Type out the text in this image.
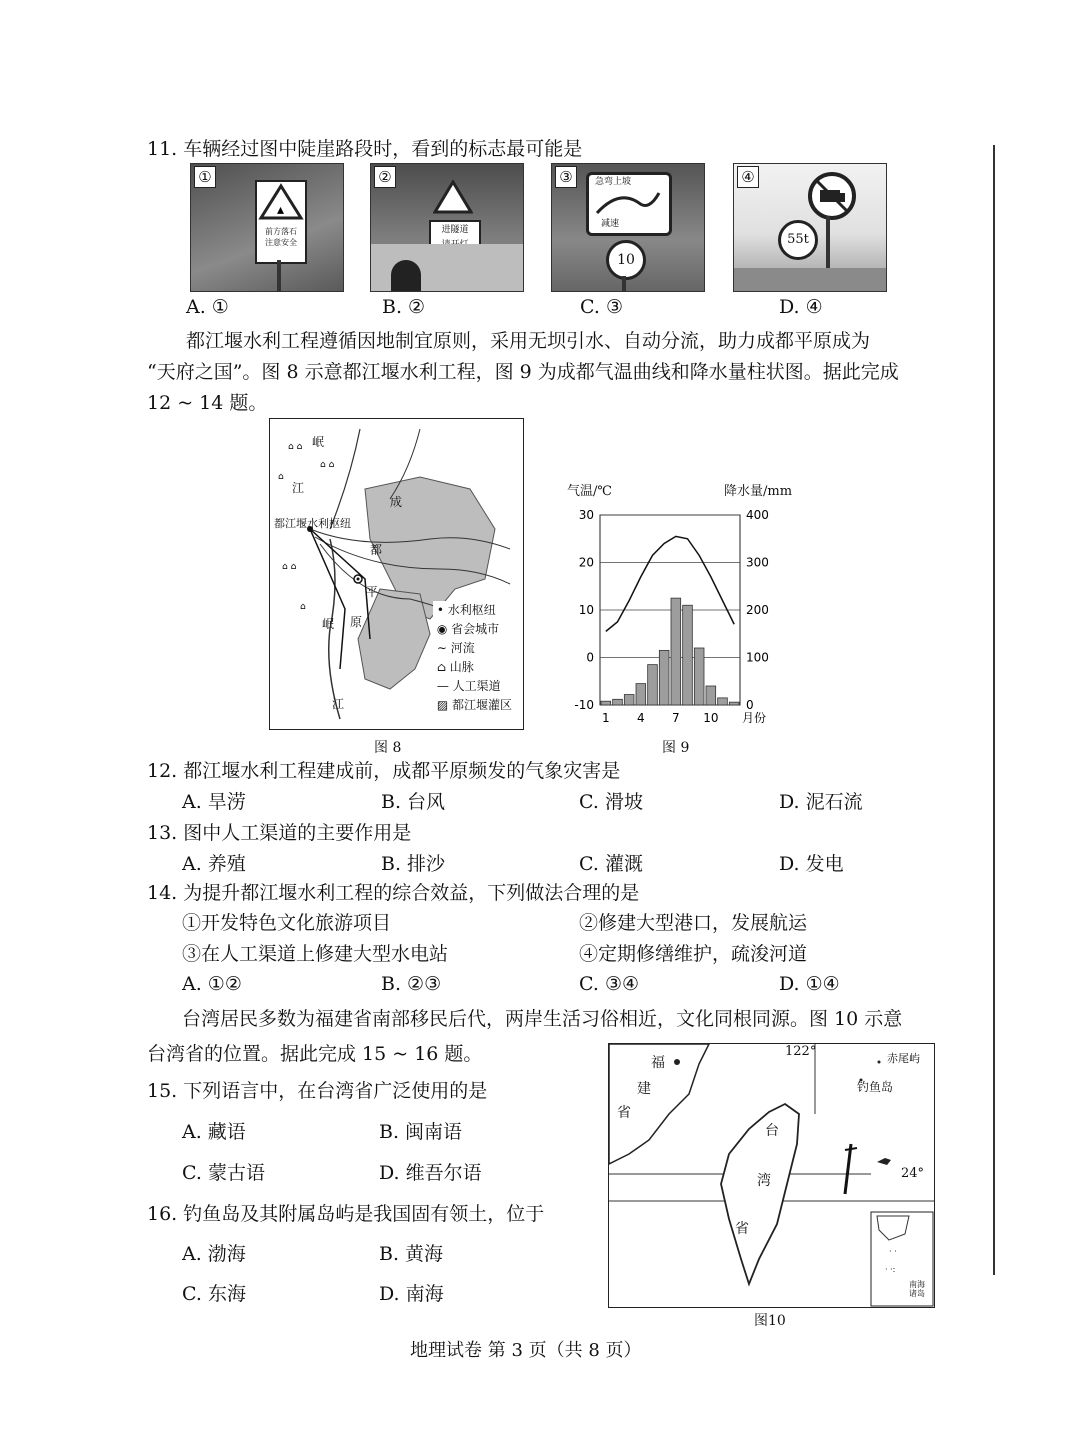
11. 车辆经过图中陡崖路段时，看到的标志最可能是
①
▴
前方落石
注意安全
②
进隧道
③	急弯上坡
减速
10
④
55t
A. ①	B. ②	C. ③	D. ④
都江堰水利工程遵循因地制宜原则，采用无坝引水、自动分流，助力成都平原成为
“天府之国”。图 8 示意都江堰水利工程，图 9 为成都气温曲线和降水量柱状图。据此完成
12 ~ 14 题。
⌂ ⌂
⌂ ⌂
⌂
⌂ ⌂
⌂
岷
江
都江堰水利枢纽
成
都
平
原
岷
江
• 水利枢纽
◉ 省会城市
∼ 河流
⌂ 山脉
— 人工渠道
▨ 都江堰灌区
图 8
气温/℃	降水量/mm
30
20
10
0
-10
400
300
200
100
0
1 4 7 10 月份
图 9
12. 都江堰水利工程建成前，成都平原频发的气象灾害是
A. 旱涝	B. 台风	C. 滑坡	D. 泥石流
13. 图中人工渠道的主要作用是
A. 养殖	B. 排沙	C. 灌溉	D. 发电
14. 为提升都江堰水利工程的综合效益，下列做法合理的是
①开发特色文化旅游项目	②修建大型港口，发展航运
③在人工渠道上修建大型水电站	④定期修缮维护，疏浚河道
A. ①②	B. ②③	C. ③④	D. ①④
台湾居民多数为福建省南部移民后代，两岸生活习俗相近，文化同根同源。图 10 示意
台湾省的位置。据此完成 15 ~ 16 题。
15. 下列语言中，在台湾省广泛使用的是
A. 藏语	B. 闽南语
C. 蒙古语	D. 维吾尔语
16. 钓鱼岛及其附属岛屿是我国固有领土，位于
A. 渤海	B. 黄海
C. 东海	D. 南海
· ·
· ·:
福
建
省
122°	赤尾屿
钓鱼岛
台
湾
省
24°
南海诸岛
图10
地理试卷 第 3 页（共 8 页）
